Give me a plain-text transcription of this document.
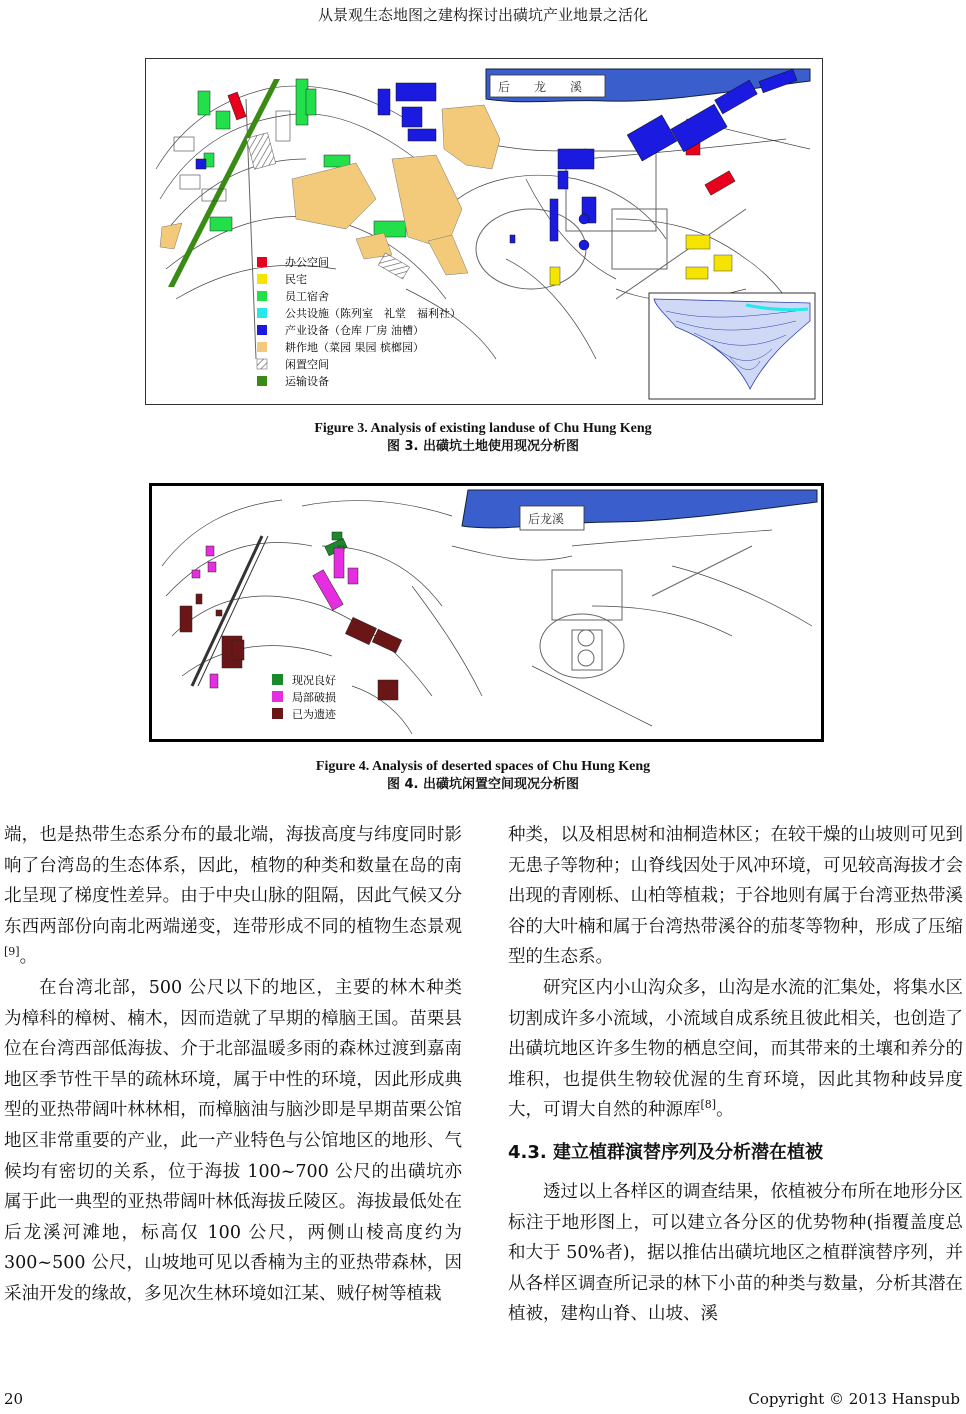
从景观生态地图之建构探讨出磺坑产业地景之活化
后　　龙　　溪
办公空间
民宅
员工宿舍
公共设施（陈列室　礼堂　福利社）
产业设备（仓库 厂房 油槽）
耕作地（菜园 果园 槟榔园）
闲置空间
运输设备
Figure 3. Analysis of existing landuse of Chu Hung Keng
图 3. 出磺坑土地使用现况分析图
后龙溪
现况良好
局部破损
已为遗迹
Figure 4. Analysis of deserted spaces of Chu Hung Keng
图 4. 出磺坑闲置空间现况分析图

端，也是热带生态系分布的最北端，海拔高度与纬度同时影响了台湾岛的生态体系，因此，植物的种类和数量在岛的南北呈现了梯度性差异。由于中央山脉的阻隔，因此气候又分东西两部份向南北两端递变，连带形成不同的植物生态景观[9]。

在台湾北部，500 公尺以下的地区，主要的林木种类为樟科的樟树、楠木，因而造就了早期的樟脑王国。苗栗县位在台湾西部低海拔、介于北部温暖多雨的森林过渡到嘉南地区季节性干旱的疏林环境，属于中性的环境，因此形成典型的亚热带阔叶林林相，而樟脑油与脑沙即是早期苗栗公馆地区非常重要的产业，此一产业特色与公馆地区的地形、气候均有密切的关系，位于海拔 100~700 公尺的出磺坑亦属于此一典型的亚热带阔叶林低海拔丘陵区。海拔最低处在后龙溪河滩地，标高仅 100 公尺，两侧山棱高度约为 300~500 公尺，山坡地可见以香楠为主的亚热带森林，因采油开发的缘故，多见次生林环境如江某、贼仔树等植栽

种类，以及相思树和油桐造林区；在较干燥的山坡则可见到无患子等物种；山脊线因处于风冲环境，可见较高海拔才会出现的青刚栎、山柏等植栽；于谷地则有属于台湾亚热带溪谷的大叶楠和属于台湾热带溪谷的茄苳等物种，形成了压缩型的生态系。

研究区内小山沟众多，山沟是水流的汇集处，将集水区切割成许多小流域，小流域自成系统且彼此相关，也创造了出磺坑地区许多生物的栖息空间，而其带来的土壤和养分的堆积，也提供生物较优渥的生育环境，因此其物种歧异度大，可谓大自然的种源库[8]。

4.3. 建立植群演替序列及分析潜在植被

透过以上各样区的调查结果，依植被分布所在地形分区标注于地形图上，可以建立各分区的优势物种(指覆盖度总和大于 50%者)，据以推估出磺坑地区之植群演替序列，并从各样区调查所记录的林下小苗的种类与数量，分析其潜在植被，建构山脊、山坡、溪

20	Copyright © 2013 Hanspub
